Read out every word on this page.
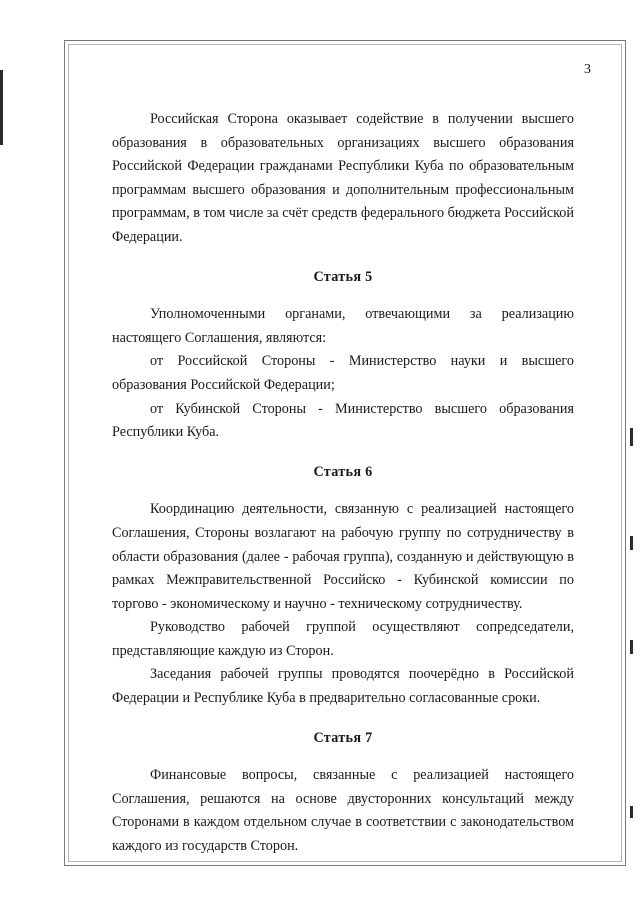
3

Российская Сторона оказывает содействие в получении высшего образования в образовательных организациях высшего образования Российской Федерации гражданами Республики Куба по образовательным программам высшего образования и дополнительным профессиональным программам, в том числе за счёт средств федерального бюджета Российской Федерации.

Статья 5

Уполномоченными органами, отвечающими за реализацию настоящего Соглашения, являются:

от Российской Стороны - Министерство науки и высшего образования Российской Федерации;

от Кубинской Стороны - Министерство высшего образования Республики Куба.

Статья 6

Координацию деятельности, связанную с реализацией настоящего Соглашения, Стороны возлагают на рабочую группу по сотрудничеству в области образования (далее - рабочая группа), созданную и действующую в рамках Межправительственной Российско - Кубинской комиссии по торгово - экономическому и научно - техническому сотрудничеству.

Руководство рабочей группой осуществляют сопредседатели, представляющие каждую из Сторон.

Заседания рабочей группы проводятся поочерёдно в Российской Федерации и Республике Куба в предварительно согласованные сроки.

Статья 7

Финансовые вопросы, связанные с реализацией настоящего Соглашения, решаются на основе двусторонних консультаций между Сторонами в каждом отдельном случае в соответствии с законодательством каждого из государств Сторон.
